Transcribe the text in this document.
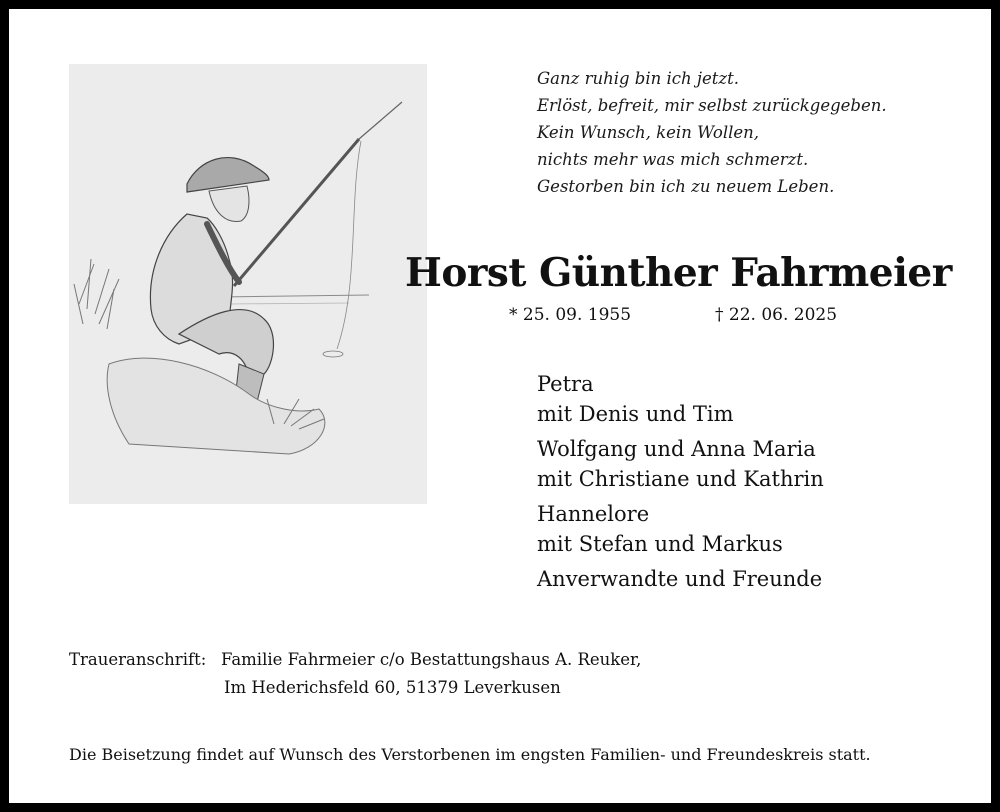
Ganz ruhig bin ich jetzt.
Erlöst, befreit, mir selbst zurückgegeben.
Kein Wunsch, kein Wollen,
nichts mehr was mich schmerzt.
Gestorben bin ich zu neuem Leben.
Horst Günther Fahrmeier
* 25. 09. 1955	† 22. 06. 2025
Petra
mit Denis und Tim
Wolfgang und Anna Maria
mit Christiane und Kathrin
Hannelore
mit Stefan und Markus
Anverwandte und Freunde
Traueranschrift: Familie Fahrmeier c/o Bestattungshaus A. Reuker,
Im Hederichsfeld 60, 51379 Leverkusen
Die Beisetzung findet auf Wunsch des Verstorbenen im engsten Familien- und Freundeskreis statt.
